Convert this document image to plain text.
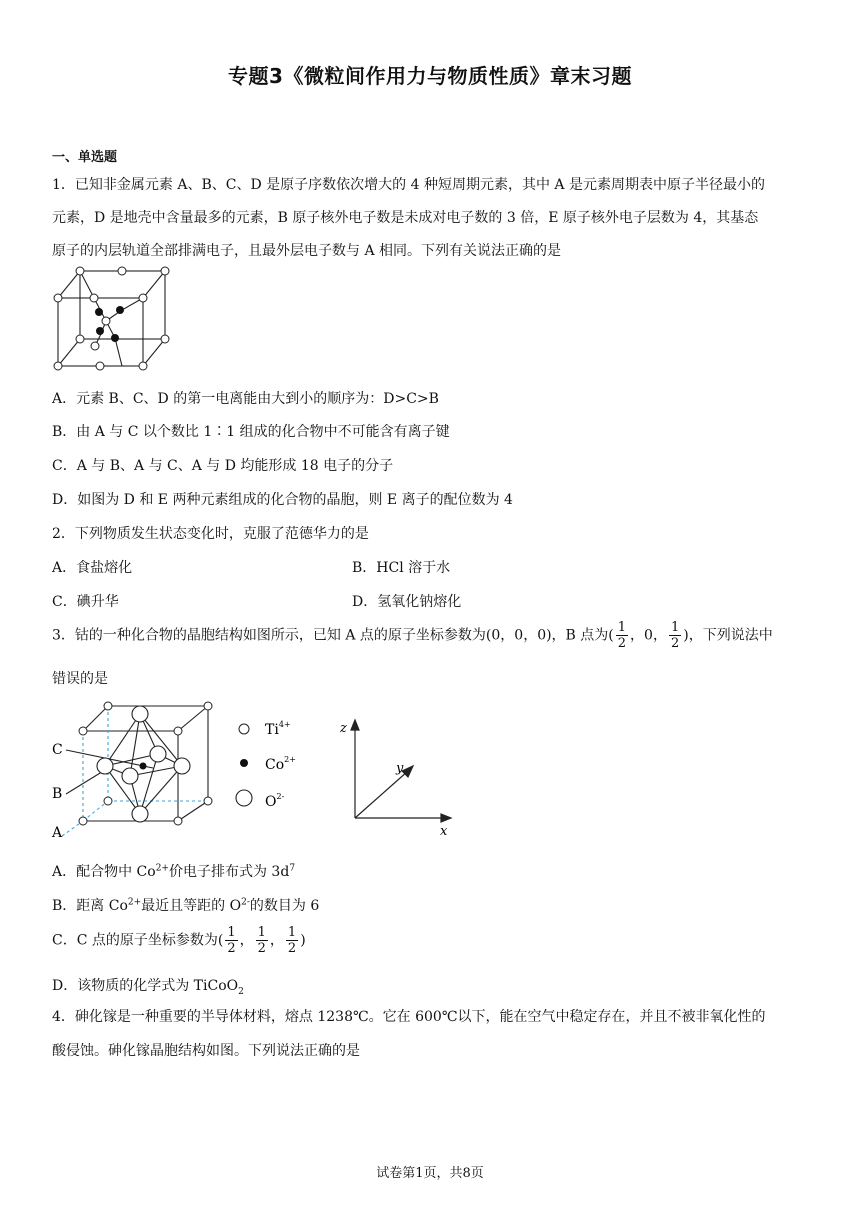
专题3《微粒间作用力与物质性质》章末习题
一、单选题
1．已知非金属元素 A、B、C、D 是原子序数依次增大的 4 种短周期元素，其中 A 是元素周期表中原子半径最小的
元素，D 是地壳中含量最多的元素，B 原子核外电子数是未成对电子数的 3 倍，E 原子核外电子层数为 4，其基态
原子的内层轨道全部排满电子，且最外层电子数与 A 相同。下列有关说法正确的是
A．元素 B、C、D 的第一电离能由大到小的顺序为：D>C>B
B．由 A 与 C 以个数比 1∶1 组成的化合物中不可能含有离子键
C．A 与 B、A 与 C、A 与 D 均能形成 18 电子的分子
D．如图为 D 和 E 两种元素组成的化合物的晶胞，则 E 离子的配位数为 4
2．下列物质发生状态变化时，克服了范德华力的是
A．食盐熔化	B．HCl 溶于水
C．碘升华	D．氢氧化钠熔化
3．钴的一种化合物的晶胞结构如图所示，已知 A 点的原子坐标参数为(0，0，0)，B 点为( $\frac{1}{2}$ ，0， $\frac{1}{2}$ )，下列说法中
错误的是
C
B
A
$Ti^{4+}$
$Co^{2+}$
$O^{2-}$
z
y
x
A．配合物中 $Co^{2+}$价电子排布式为 $3d^7$
B．距离 $Co^{2+}$最近且等距的 $O^{2-}$的数目为 6
C．C 点的原子坐标参数为( $\frac{1}{2}$ ， $\frac{1}{2}$ ， $\frac{1}{2}$ )
D．该物质的化学式为 TiCoO$_2$
4．砷化镓是一种重要的半导体材料，熔点 1238℃。它在 600℃以下，能在空气中稳定存在，并且不被非氧化性的
酸侵蚀。砷化镓晶胞结构如图。下列说法正确的是
试卷第1页，共8页
